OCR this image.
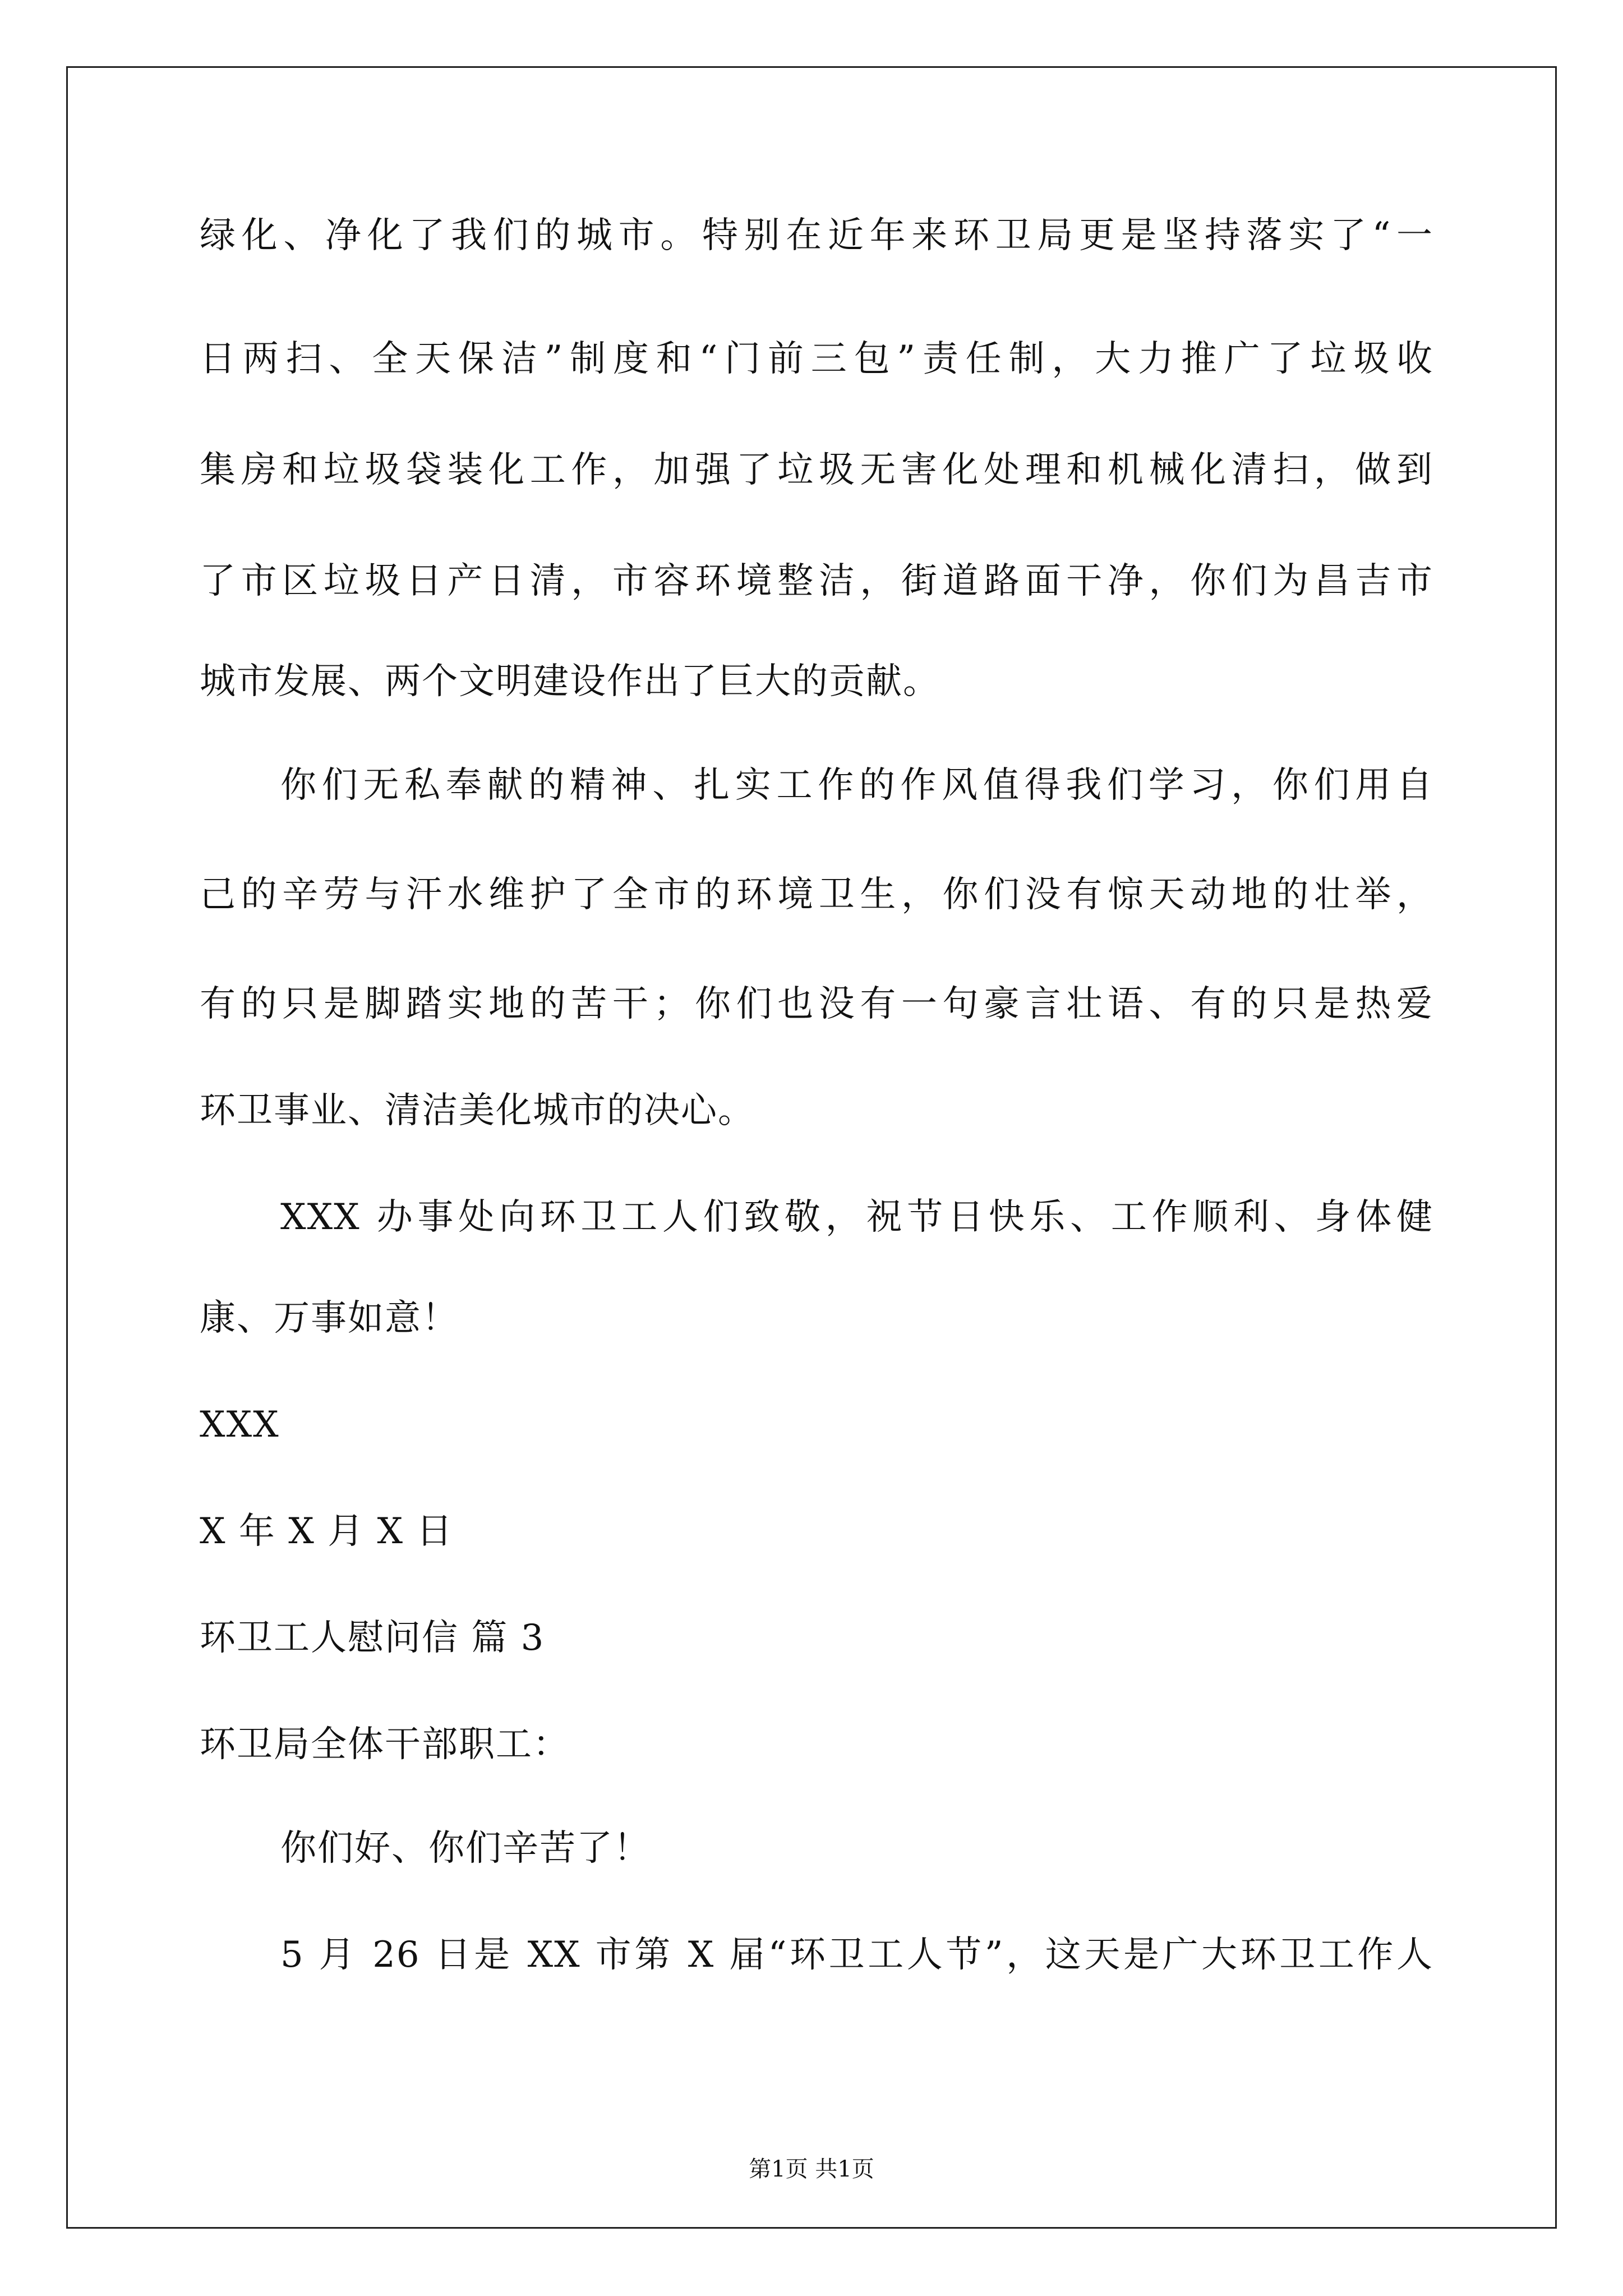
绿化、净化了我们的城市。特别在近年来环卫局更是坚持落实了“一
日两扫、全天保洁”制度和“门前三包”责任制，大力推广了垃圾收
集房和垃圾袋装化工作，加强了垃圾无害化处理和机械化清扫，做到
了市区垃圾日产日清，市容环境整洁，街道路面干净，你们为昌吉市
城市发展、两个文明建设作出了巨大的贡献。
你们无私奉献的精神、扎实工作的作风值得我们学习，你们用自
己的辛劳与汗水维护了全市的环境卫生，你们没有惊天动地的壮举，
有的只是脚踏实地的苦干；你们也没有一句豪言壮语、有的只是热爱
环卫事业、清洁美化城市的决心。
XXX 办事处向环卫工人们致敬，祝节日快乐、工作顺利、身体健
康、万事如意！
XXX
X 年 X 月 X 日
环卫工人慰问信 篇 3
环卫局全体干部职工：
你们好、你们辛苦了！
5 月 26 日是 XX 市第 X 届“环卫工人节”，这天是广大环卫工作人
第1页 共1页
